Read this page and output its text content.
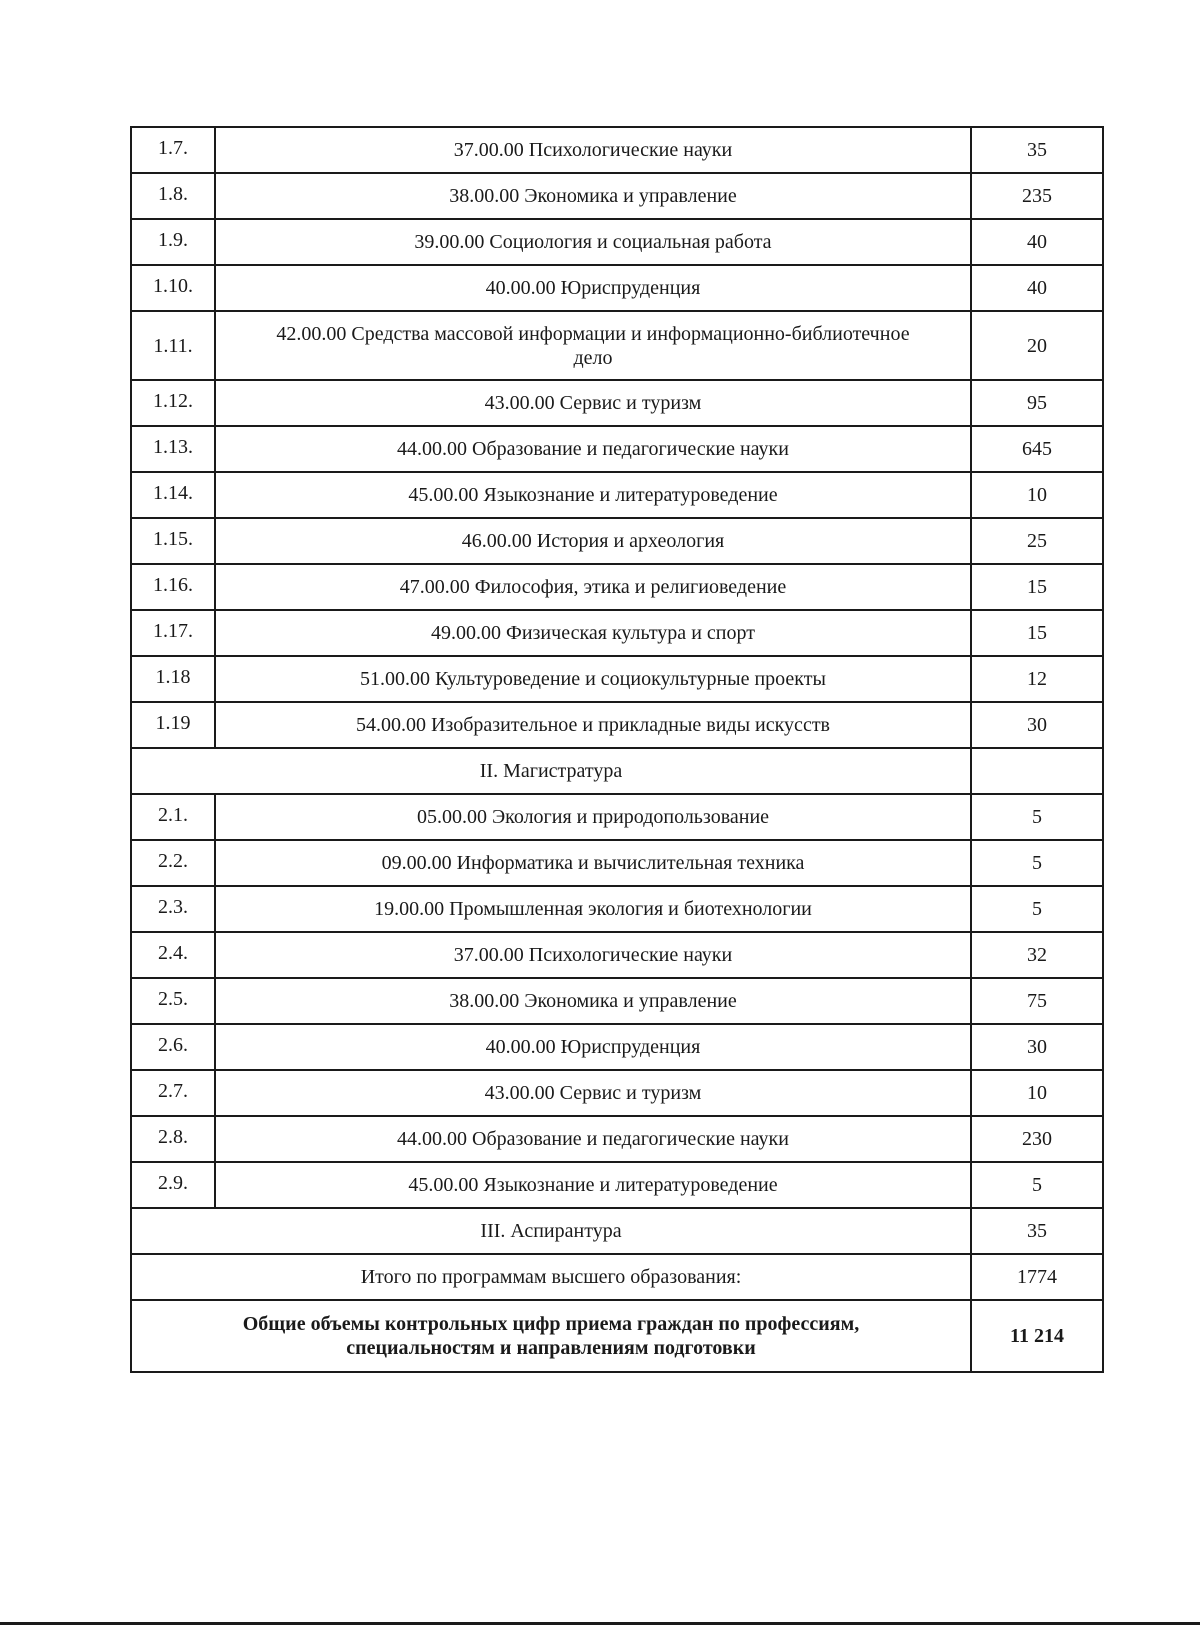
1.7.	37.00.00 Психологические науки	35
1.8.	38.00.00 Экономика и управление	235
1.9.	39.00.00 Социология и социальная работа	40
1.10.	40.00.00 Юриспруденция	40
1.11.	42.00.00 Средства массовой информации и информационно-библиотечное дело	20
1.12.	43.00.00 Сервис и туризм	95
1.13.	44.00.00 Образование и педагогические науки	645
1.14.	45.00.00 Языкознание и литературоведение	10
1.15.	46.00.00 История и археология	25
1.16.	47.00.00 Философия, этика и религиоведение	15
1.17.	49.00.00 Физическая культура и спорт	15
1.18	51.00.00 Культуроведение и социокультурные проекты	12
1.19	54.00.00 Изобразительное и прикладные виды искусств	30
II. Магистратура		
2.1.	05.00.00 Экология и природопользование	5
2.2.	09.00.00 Информатика и вычислительная техника	5
2.3.	19.00.00 Промышленная экология и биотехнологии	5
2.4.	37.00.00 Психологические науки	32
2.5.	38.00.00 Экономика и управление	75
2.6.	40.00.00 Юриспруденция	30
2.7.	43.00.00 Сервис и туризм	10
2.8.	44.00.00 Образование и педагогические науки	230
2.9.	45.00.00 Языкознание и литературоведение	5
III. Аспирантура		35
Итого по программам высшего образования:		1774
Общие объемы контрольных цифр приема граждан по профессиям, специальностям и направлениям подготовки		11 214
